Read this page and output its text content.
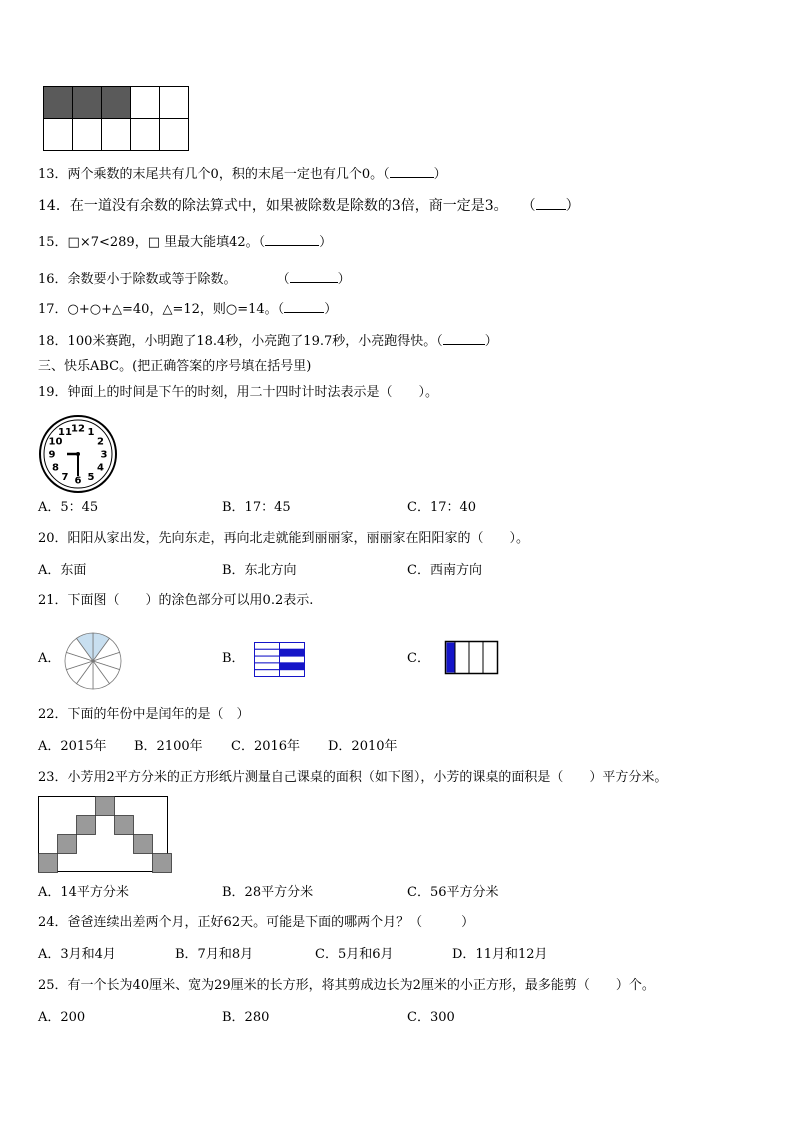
13．两个乘数的末尾共有几个0，积的末尾一定也有几个0。（	）
14．在一道没有余数的除法算式中，如果被除数是除数的3倍，商一定是3。 （ ）
15．□×7<289，□ 里最大能填42。（	）
16．余数要小于除数或等于除数。	（	）
17．○+○+△=40，△=12，则○=14。（	）
18．100米赛跑，小明跑了18.4秒，小亮跑了19.7秒，小亮跑得快。（	）
三、快乐ABC。(把正确答案的序号填在括号里)
19．钟面上的时间是下午的时刻，用二十四时计时法表示是（　　）。
12 1
2
3
4
5
6
7
8
9
10
11
A．5：45	B．17：45	C．17：40
20．阳阳从家出发，先向东走，再向北走就能到丽丽家，丽丽家在阳阳家的（　　）。
A．东面	B．东北方向	C．西南方向
21．下面图（　　）的涂色部分可以用0.2表示.
A．	B．	C．
22．下面的年份中是闰年的是（　）
A．2015年 B．2100年 C．2016年 D．2010年
23．小芳用2平方分米的正方形纸片测量自己课桌的面积（如下图），小芳的课桌的面积是（　　）平方分米。
A．14平方分米	B．28平方分米	C．56平方分米
24．爸爸连续出差两个月，正好62天。可能是下面的哪两个月？（　　　）
A．3月和4月	B．7月和8月	C．5月和6月	D．11月和12月
25．有一个长为40厘米、宽为29厘米的长方形，将其剪成边长为2厘米的小正方形，最多能剪（　　）个。
A．200	B．280	C．300
